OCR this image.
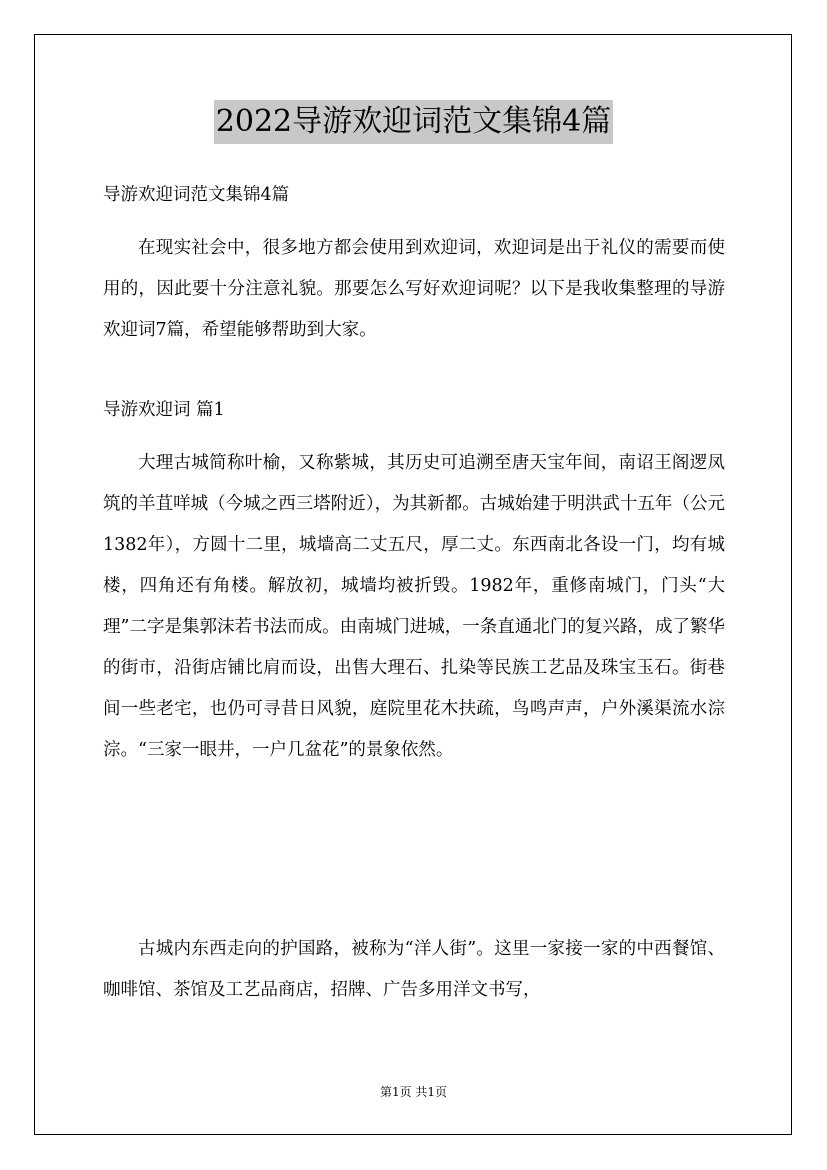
2022导游欢迎词范文集锦4篇
导游欢迎词范文集锦4篇

在现实社会中，很多地方都会使用到欢迎词，欢迎词是出于礼仪的需要而使用的，因此要十分注意礼貌。那要怎么写好欢迎词呢？以下是我收集整理的导游欢迎词7篇，希望能够帮助到大家。

导游欢迎词 篇1

大理古城简称叶榆，又称紫城，其历史可追溯至唐天宝年间，南诏王阁逻凤筑的羊苴咩城（今城之西三塔附近），为其新都。古城始建于明洪武十五年（公元1382年），方圆十二里，城墙高二丈五尺，厚二丈。东西南北各设一门，均有城楼，四角还有角楼。解放初，城墙均被折毁。1982年，重修南城门，门头“大理”二字是集郭沫若书法而成。由南城门进城，一条直通北门的复兴路，成了繁华的街市，沿街店铺比肩而设，出售大理石、扎染等民族工艺品及珠宝玉石。街巷间一些老宅，也仍可寻昔日风貌，庭院里花木扶疏，鸟鸣声声，户外溪渠流水淙淙。“三家一眼井，一户几盆花”的景象依然。

古城内东西走向的护国路，被称为“洋人街”。这里一家接一家的中西餐馆、咖啡馆、茶馆及工艺品商店，招牌、广告多用洋文书写，

第1页 共1页
